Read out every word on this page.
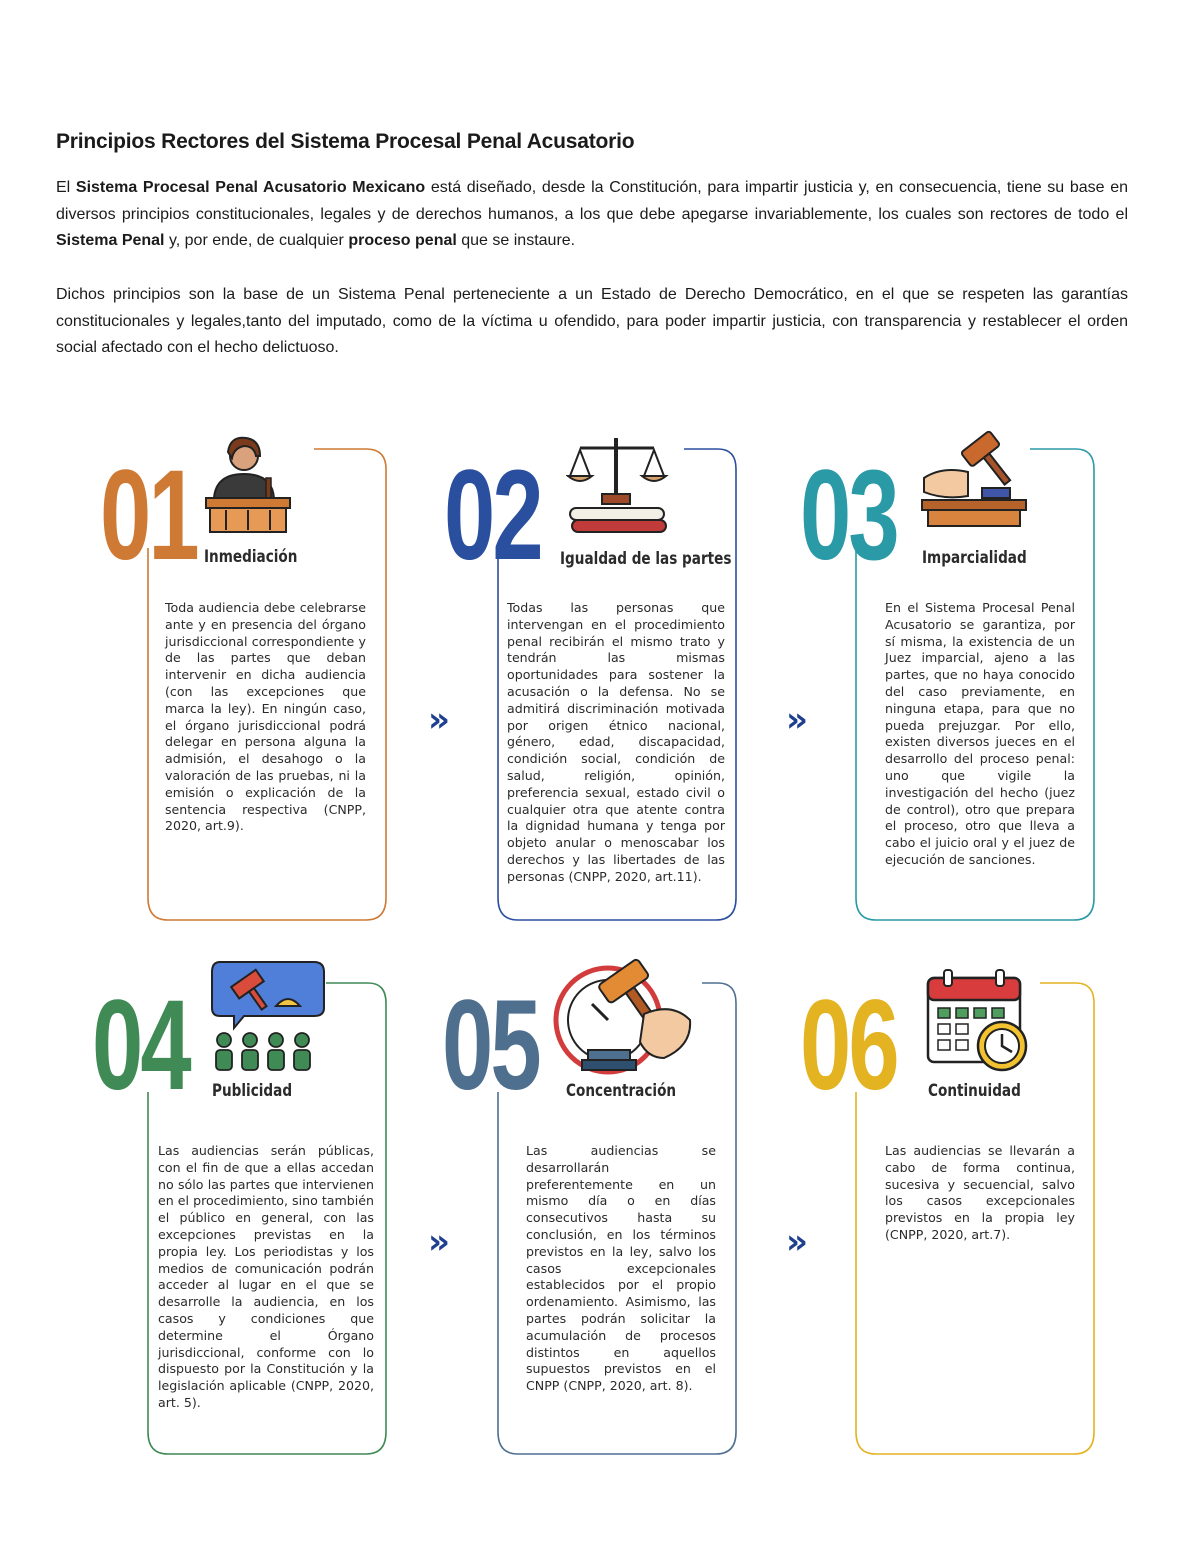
Principios Rectores del Sistema Procesal Penal Acusatorio
El Sistema Procesal Penal Acusatorio Mexicano está diseñado, desde la Constitución, para impartir justicia y, en consecuencia, tiene su base en diversos principios constitucionales, legales y de derechos humanos, a los que debe apegarse invariablemente, los cuales son rectores de todo el Sistema Penal y, por ende, de cualquier proceso penal que se instaure.
Dichos principios son la base de un Sistema Penal perteneciente a un Estado de Derecho Democrático, en el que se respeten las garantías constitucionales y legales,tanto del imputado, como de la víctima u ofendido, para poder impartir justicia, con transparencia y restablecer el orden social afectado con el hecho delictuoso.
01 Inmediación
Toda audiencia debe celebrarse ante y en presencia del órgano jurisdiccional correspondiente y de las partes que deban intervenir en dicha audiencia (con las excepciones que marca la ley). En ningún caso, el órgano jurisdiccional podrá delegar en persona alguna la admisión, el desahogo o la valoración de las pruebas, ni la emisión o explicación de la sentencia respectiva (CNPP, 2020, art.9).
››
02 Igualdad de las partes
Todas las personas que intervengan en el procedimiento penal recibirán el mismo trato y tendrán las mismas oportunidades para sostener la acusación o la defensa. No se admitirá discriminación motivada por origen étnico nacional, género, edad, discapacidad, condición social, condición de salud, religión, opinión, preferencia sexual, estado civil o cualquier otra que atente contra la dignidad humana y tenga por objeto anular o menoscabar los derechos y las libertades de las personas (CNPP, 2020, art.11).
››
03 Imparcialidad
En el Sistema Procesal Penal Acusatorio se garantiza, por sí misma, la existencia de un Juez imparcial, ajeno a las partes, que no haya conocido del caso previamente, en ninguna etapa, para que no pueda prejuzgar. Por ello, existen diversos jueces en el desarrollo del proceso penal: uno que vigile la investigación del hecho (juez de control), otro que prepara el proceso, otro que lleva a cabo el juicio oral y el juez de ejecución de sanciones.
04 Publicidad
Las audiencias serán públicas, con el fin de que a ellas accedan no sólo las partes que intervienen en el procedimiento, sino también el público en general, con las excepciones previstas en la propia ley. Los periodistas y los medios de comunicación podrán acceder al lugar en el que se desarrolle la audiencia, en los casos y condiciones que determine el Órgano jurisdiccional, conforme con lo dispuesto por la Constitución y la legislación aplicable (CNPP, 2020, art. 5).
››
05 Concentración
Las audiencias se desarrollarán preferentemente en un mismo día o en días consecutivos hasta su conclusión, en los términos previstos en la ley, salvo los casos excepcionales establecidos por el propio ordenamiento. Asimismo, las partes podrán solicitar la acumulación de procesos distintos en aquellos supuestos previstos en el CNPP (CNPP, 2020, art. 8).
››
06 Continuidad
Las audiencias se llevarán a cabo de forma continua, sucesiva y secuencial, salvo los casos excepcionales previstos en la propia ley (CNPP, 2020, art.7).
